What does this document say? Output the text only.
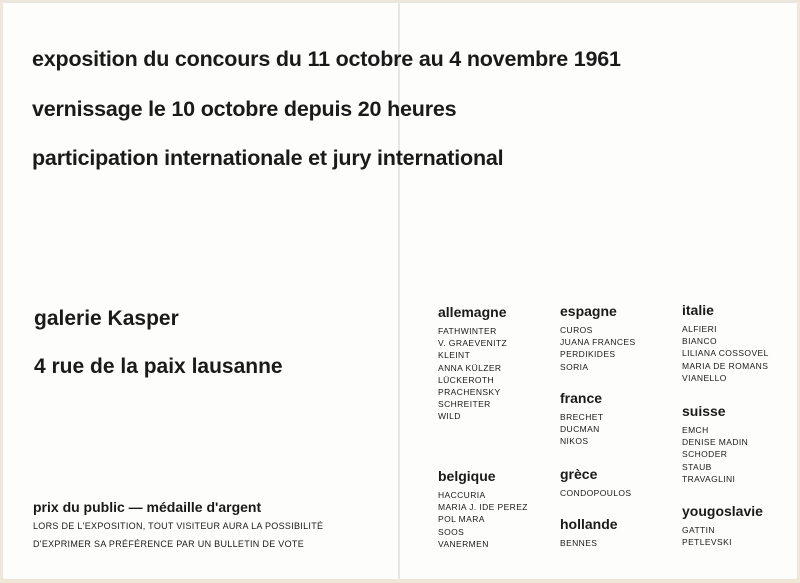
exposition du concours du 11 octobre au 4 novembre 1961
vernissage le 10 octobre depuis 20 heures
participation internationale et jury international

galerie Kasper

4 rue de la paix lausanne

prix du public — médaille d'argent
LORS DE L'EXPOSITION, TOUT VISITEUR AURA LA POSSIBILITÉ
D'EXPRIMER SA PRÉFÉRENCE PAR UN BULLETIN DE VOTE
allemagne
FATHWINTER
V. GRAEVENITZ
KLEINT
ANNA KÜLZER
LÜCKEROTH
PRACHENSKY
SCHREITER
WILD
belgique
HACCURIA
MARIA J. IDE PEREZ
POL MARA
SOOS
VANERMEN
espagne
CUROS
JUANA FRANCES
PERDIKIDES
SORIA
france
BRECHET
DUCMAN
NIKOS
grèce
CONDOPOULOS
hollande
BENNES
italie
ALFIERI
BIANCO
LILIANA COSSOVEL
MARIA DE ROMANS
VIANELLO
suisse
EMCH
DENISE MADIN
SCHODER
STAUB
TRAVAGLINI
yougoslavie
GATTIN
PETLEVSKI
